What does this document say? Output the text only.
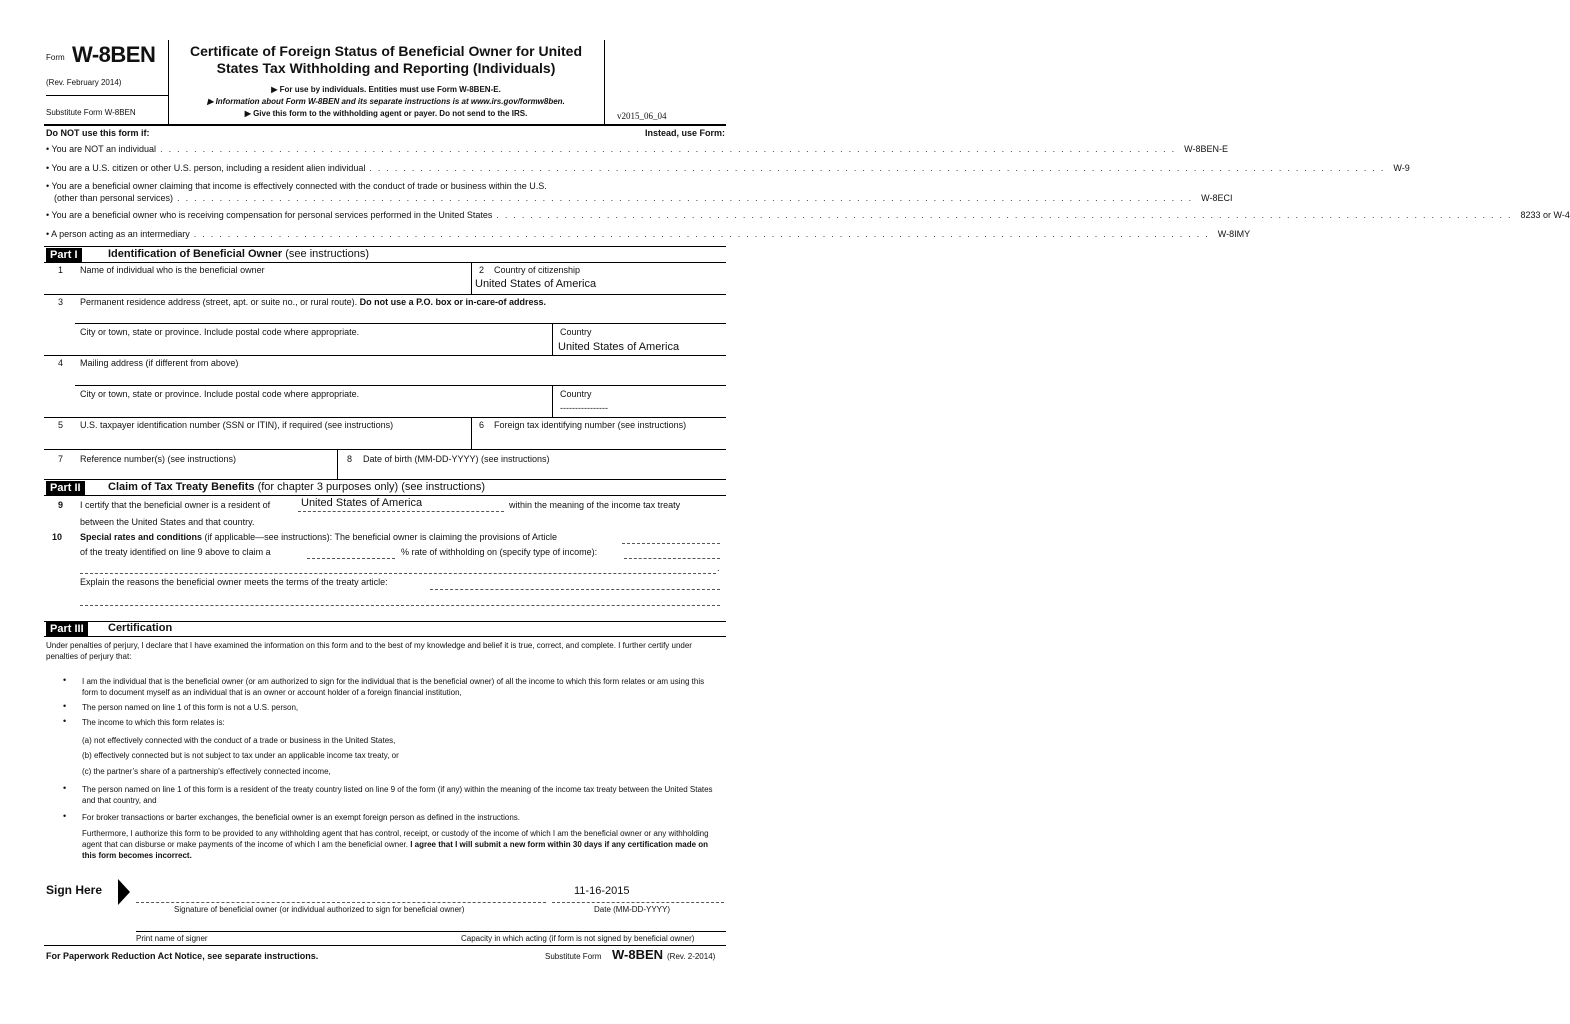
Form W-8BEN
(Rev. February 2014)
Substitute Form W-8BEN
Certificate of Foreign Status of Beneficial Owner for United
States Tax Withholding and Reporting (Individuals)
▶ For use by individuals. Entities must use Form W-8BEN-E.
▶ Information about Form W-8BEN and its separate instructions is at www.irs.gov/formw8ben.
▶ Give this form to the withholding agent or payer. Do not send to the IRS.	v2015_06_04
Do NOT use this form if:	Instead, use Form:
• You are NOT an individual ........................................................................................................................ W-8BEN-E
• You are a U.S. citizen or other U.S. person, including a resident alien individual ........................................................................................................................ W-9
• You are a beneficial owner claiming that income is effectively connected with the conduct of trade or business within the U.S.
(other than personal services) ........................................................................................................................ W-8ECI
• You are a beneficial owner who is receiving compensation for personal services performed in the United States ........................................................................................................................ 8233 or W-4
• A person acting as an intermediary ........................................................................................................................ W-8IMY
Part I	Identification of Beneficial Owner (see instructions)
1 Name of individual who is the beneficial owner	2 Country of citizenship
United States of America
3 Permanent residence address (street, apt. or suite no., or rural route). Do not use a P.O. box or in-care-of address.
City or town, state or province. Include postal code where appropriate.	Country
United States of America
4 Mailing address (if different from above)
City or town, state or province. Include postal code where appropriate.	Country
----------------
5 U.S. taxpayer identification number (SSN or ITIN), if required (see instructions)	6 Foreign tax identifying number (see instructions)
7 Reference number(s) (see instructions)	8 Date of birth (MM-DD-YYYY) (see instructions)
Part II	Claim of Tax Treaty Benefits (for chapter 3 purposes only) (see instructions)
9 I certify that the beneficial owner is a resident of	United States of America	within the meaning of the income tax treaty
between the United States and that country.
10 Special rates and conditions (if applicable—see instructions): The beneficial owner is claiming the provisions of Article
of the treaty identified on line 9 above to claim a	% rate of withholding on (specify type of income):
.
Explain the reasons the beneficial owner meets the terms of the treaty article:
Part III	Certification
Under penalties of perjury, I declare that I have examined the information on this form and to the best of my knowledge and belief it is true, correct, and complete. I further certify under penalties of perjury that:
• I am the individual that is the beneficial owner (or am authorized to sign for the individual that is the beneficial owner) of all the income to which this form relates or am using this form to document myself as an individual that is an owner or account holder of a foreign financial institution,
• The person named on line 1 of this form is not a U.S. person,
• The income to which this form relates is:
(a) not effectively connected with the conduct of a trade or business in the United States,
(b) effectively connected but is not subject to tax under an applicable income tax treaty, or
(c) the partner’s share of a partnership's effectively connected income,
• The person named on line 1 of this form is a resident of the treaty country listed on line 9 of the form (if any) within the meaning of the income tax treaty between the United States and that country, and
• For broker transactions or barter exchanges, the beneficial owner is an exempt foreign person as defined in the instructions.
Furthermore, I authorize this form to be provided to any withholding agent that has control, receipt, or custody of the income of which I am the beneficial owner or any withholding agent that can disburse or make payments of the income of which I am the beneficial owner. I agree that I will submit a new form within 30 days if any certification made on this form becomes incorrect.
Sign Here	11-16-2015
Signature of beneficial owner (or individual authorized to sign for beneficial owner)	Date (MM-DD-YYYY)
Print name of signer	Capacity in which acting (if form is not signed by beneficial owner)
For Paperwork Reduction Act Notice, see separate instructions.	Substitute Form W-8BEN (Rev. 2-2014)
